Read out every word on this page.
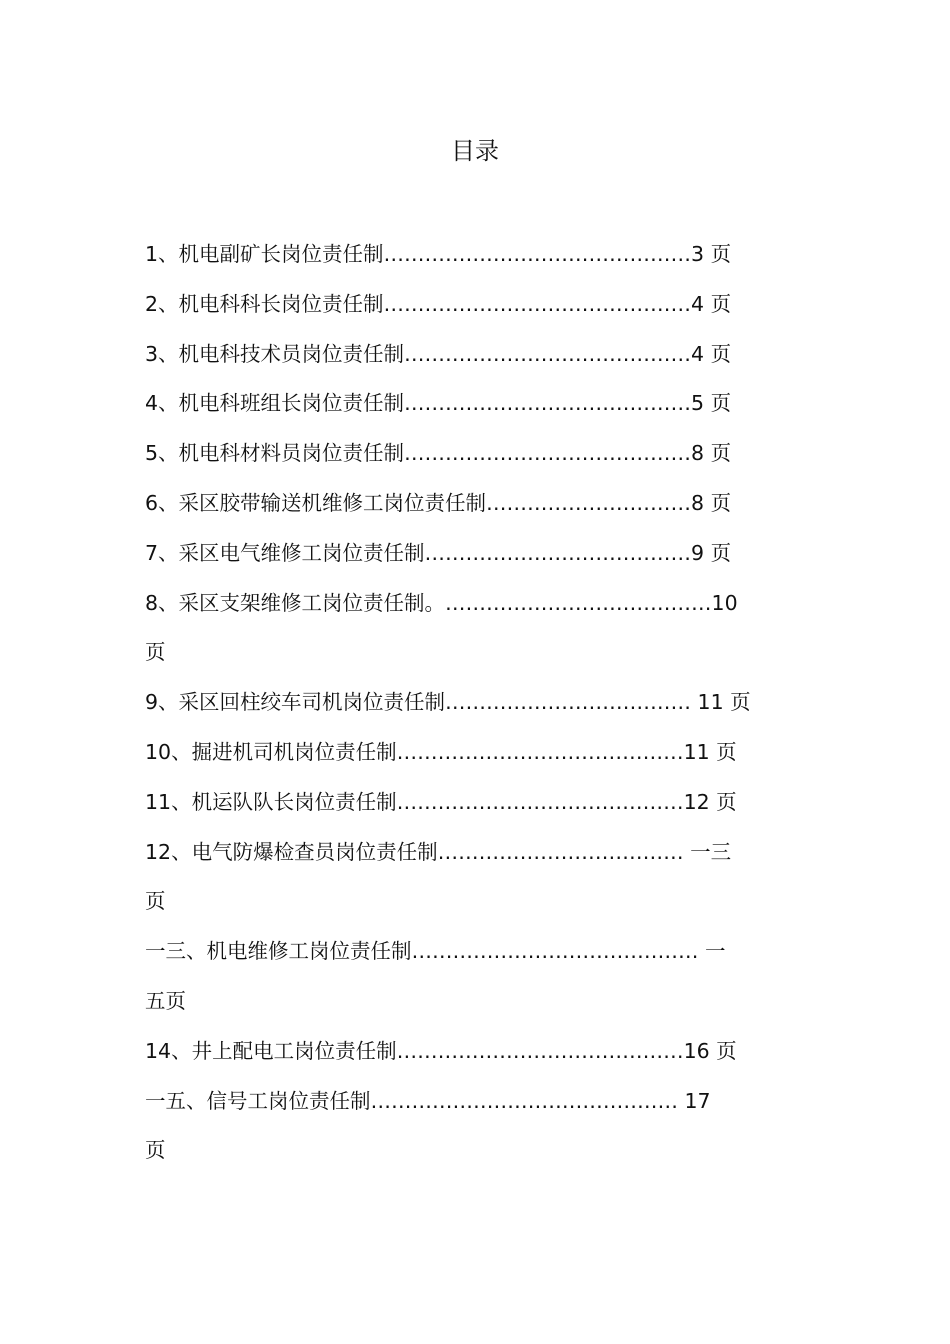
目录
1、机电副矿长岗位责任制………………………………………3 页
2、机电科科长岗位责任制………………………………………4 页
3、机电科技术员岗位责任制……………………………………4 页
4、机电科班组长岗位责任制……………………………………5 页
5、机电科材料员岗位责任制……………………………………8 页
6、采区胶带输送机维修工岗位责任制…………………………8 页
7、采区电气维修工岗位责任制…………………………………9 页
8、采区支架维修工岗位责任制。…………………………………10
页
9、采区回柱绞车司机岗位责任制……………………………… 11 页
10、掘进机司机岗位责任制……………………………………11 页
11、机运队队长岗位责任制……………………………………12 页
12、电气防爆检查员岗位责任制……………………………… 一三
页
一三、机电维修工岗位责任制…………………………………… 一
五页
14、井上配电工岗位责任制……………………………………16 页
一五、信号工岗位责任制……………………………………… 17
页
